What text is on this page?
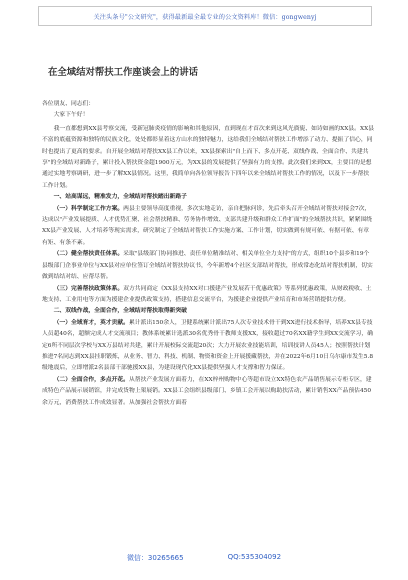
关注头条号"公文研究"，获得最新最全最专业的公文资料库！微信：gongwenyj
在全域结对帮扶工作座谈会上的讲话

各位朋友、同志们：

大家下午好！

我一直都想到XX县考察交流，受新冠肺炎疫情的影响和其他原因，直到现在才首次来到这风光旖旎、如诗如画的XX县。XX县不富的底蕴资源和独特的民族文化，处处都彰显着这方山水的独特魅力，这给我们全域结对帮扶工作增添了动力、提振了信心，同时也提出了更高的要求。自开展全域结对帮扶XX县工作以来，XX县探索出"自上而下、多点开花、双线作战、全面合作、共建共享"的全域结对新路子，累计投入帮扶资金超1900万元，为XX县的发展提供了坚强有力的支撑。此次我们来到XX，主要目的是想通过实地考察调研，进一步了解XX县情况。这里，我简单向各位领导报告下四年以来全域结对帮扶工作的情况，以及下一步帮扶工作计划。

一、站高谋远，精准发力，全域结对帮扶踏出新路子

（一）科学制定工作方案。两县主要领导高度重视，多次实地走访，亲自把脉问诊，先后牵头召开全域结对帮扶对接会7次，达成以"产业发展提质、人才优势汇聚、社会帮扶精准、劳务协作增效、支部共建升级和群众工作扩面"的全域帮扶共识，紧紧围绕XX县产业发展、人才培养等现实需求，研究制定了全域结对帮扶工作实施方案、工作计划，切实做到有规可依、有据可依、有章有矩、有条不紊。

（二）健全帮扶责任体系。采取"县级部门协同推进、责任单位精准结对、相关单位全力支持"的方式，组织10个县乡和19个县级部门企事业单位与XX县对应单位签订全域结对帮扶协议书，今年新增4个社区支部结对帮扶，形成常态化结对帮扶机制，切实做到结结对结、应帮尽帮。

（三）完善帮扶政策体系。双方共同商定《XX县支持XX对口援建产业发展若干优惠政策》等系列优惠政策，从财政税收、土地支持、工业用电等方面为援建企业提供政策支持，搭建信息交流平台，为援建企业提供产业培育和市场营销提供方便。

二、双线作战，全面合作，全域结对帮扶取得新突破

（一）全域育才，英才贡献。累计派出150余人，卫健系统累计派出75人次专业技术骨干到XX进行技术指导，培养XX县专技人员超40名，超额完成人才交流项目；教体系统累计选派30名优秀骨干教师支援XX，接收超过70名XX籍学生到XX交流学习，确定6所不同层次学校与XX万县结对共建，累计开展校际交流超20次；大力开展农业技能培训，培训技讲人员45人；按照帮扶计划推进7名同志到XX县挂职锻炼，从业务、智力、科技、机制、物资和资金上开展援藏帮扶，并在2022年6月10日乌尔康市发生5.8级地震后，立即增派2名县部干部驰援XX县，为建设现代化XX县提供坚强人才支撑和智力保证。

（二）全面合作，多点开花。从帮扶产业发展方面着力，在XX梓州购物中心等超市设立XX特色农产品销售展示专柜专区，建成特色产品展示展销馆，并完成货物上架展销。XX县工会组织县级部门、乡镇工会开展以购助扶活动，累计销售XX产品预估450余万元，消费帮扶工作成效显著。从加强社会帮扶方面着

微信：30265665	QQ:535304092
